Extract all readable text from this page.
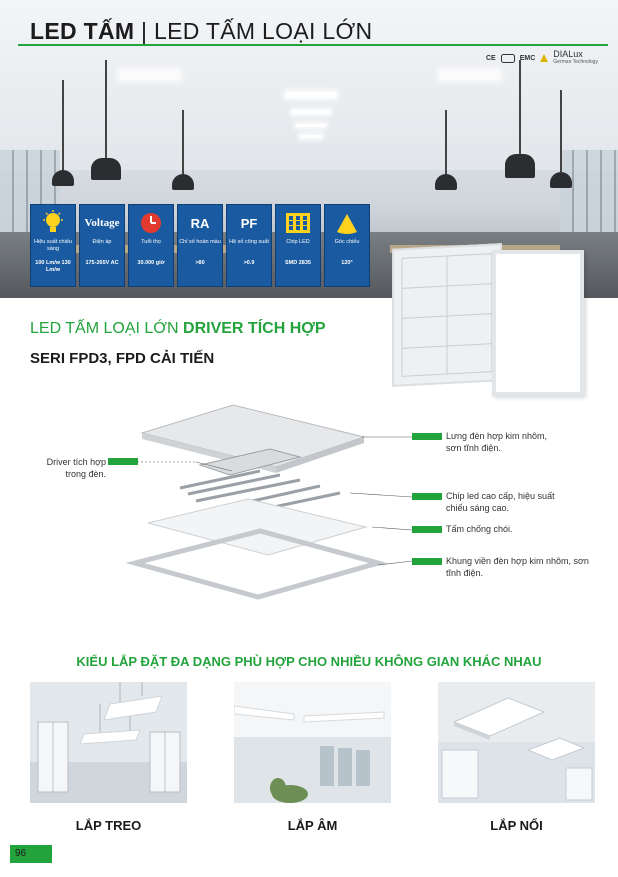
LED TẤM | LED TẤM LOẠI LỚN
CE	EMC DIALux
German Technology
Hiệu suất chiếu sáng
100 Lm/w 130 Lm/w
Voltage
Điện áp
175-265V AC
Tuổi thọ
30.000 giờ
RA
Chỉ số hoàn màu
>80
PF
Hệ số công suất
>0.9
Chip LED
SMD 2835
Góc chiếu
120°
LED TẤM LOẠI LỚN DRIVER TÍCH HỢP
SERI FPD3, FPD CẢI TIẾN
Driver tích hợp trong đèn.
Lưng đèn hợp kim nhôm, sơn tĩnh điện.
Chip led cao cấp, hiệu suất chiếu sáng cao.
Tấm chống chói.
Khung viền đèn hợp kim nhôm, sơn tĩnh điện.
KIỂU LẮP ĐẶT ĐA DẠNG PHÙ HỢP CHO NHIỀU KHÔNG GIAN KHÁC NHAU
LẮP TREO	LẮP ÂM	LẮP NỔI
96
